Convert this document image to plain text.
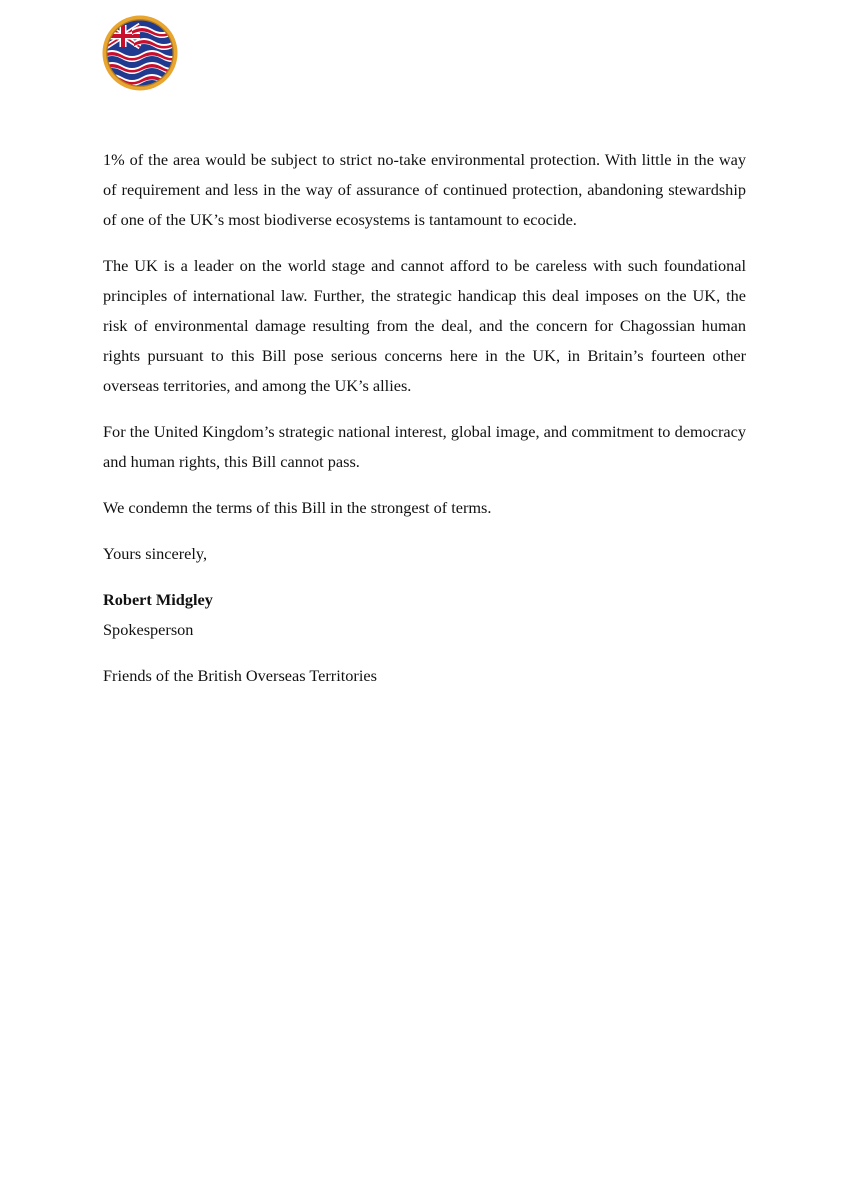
1% of the area would be subject to strict no-take environmental protection. With little in the way of requirement and less in the way of assurance of continued protection, abandoning stewardship of one of the UK’s most biodiverse ecosystems is tantamount to ecocide.

The UK is a leader on the world stage and cannot afford to be careless with such foundational principles of international law. Further, the strategic handicap this deal imposes on the UK, the risk of environmental damage resulting from the deal, and the concern for Chagossian human rights pursuant to this Bill pose serious concerns here in the UK, in Britain’s fourteen other overseas territories, and among the UK’s allies.

For the United Kingdom’s strategic national interest, global image, and commitment to democracy and human rights, this Bill cannot pass.

We condemn the terms of this Bill in the strongest of terms.

Yours sincerely,

Robert Midgley

Spokesperson

Friends of the British Overseas Territories
